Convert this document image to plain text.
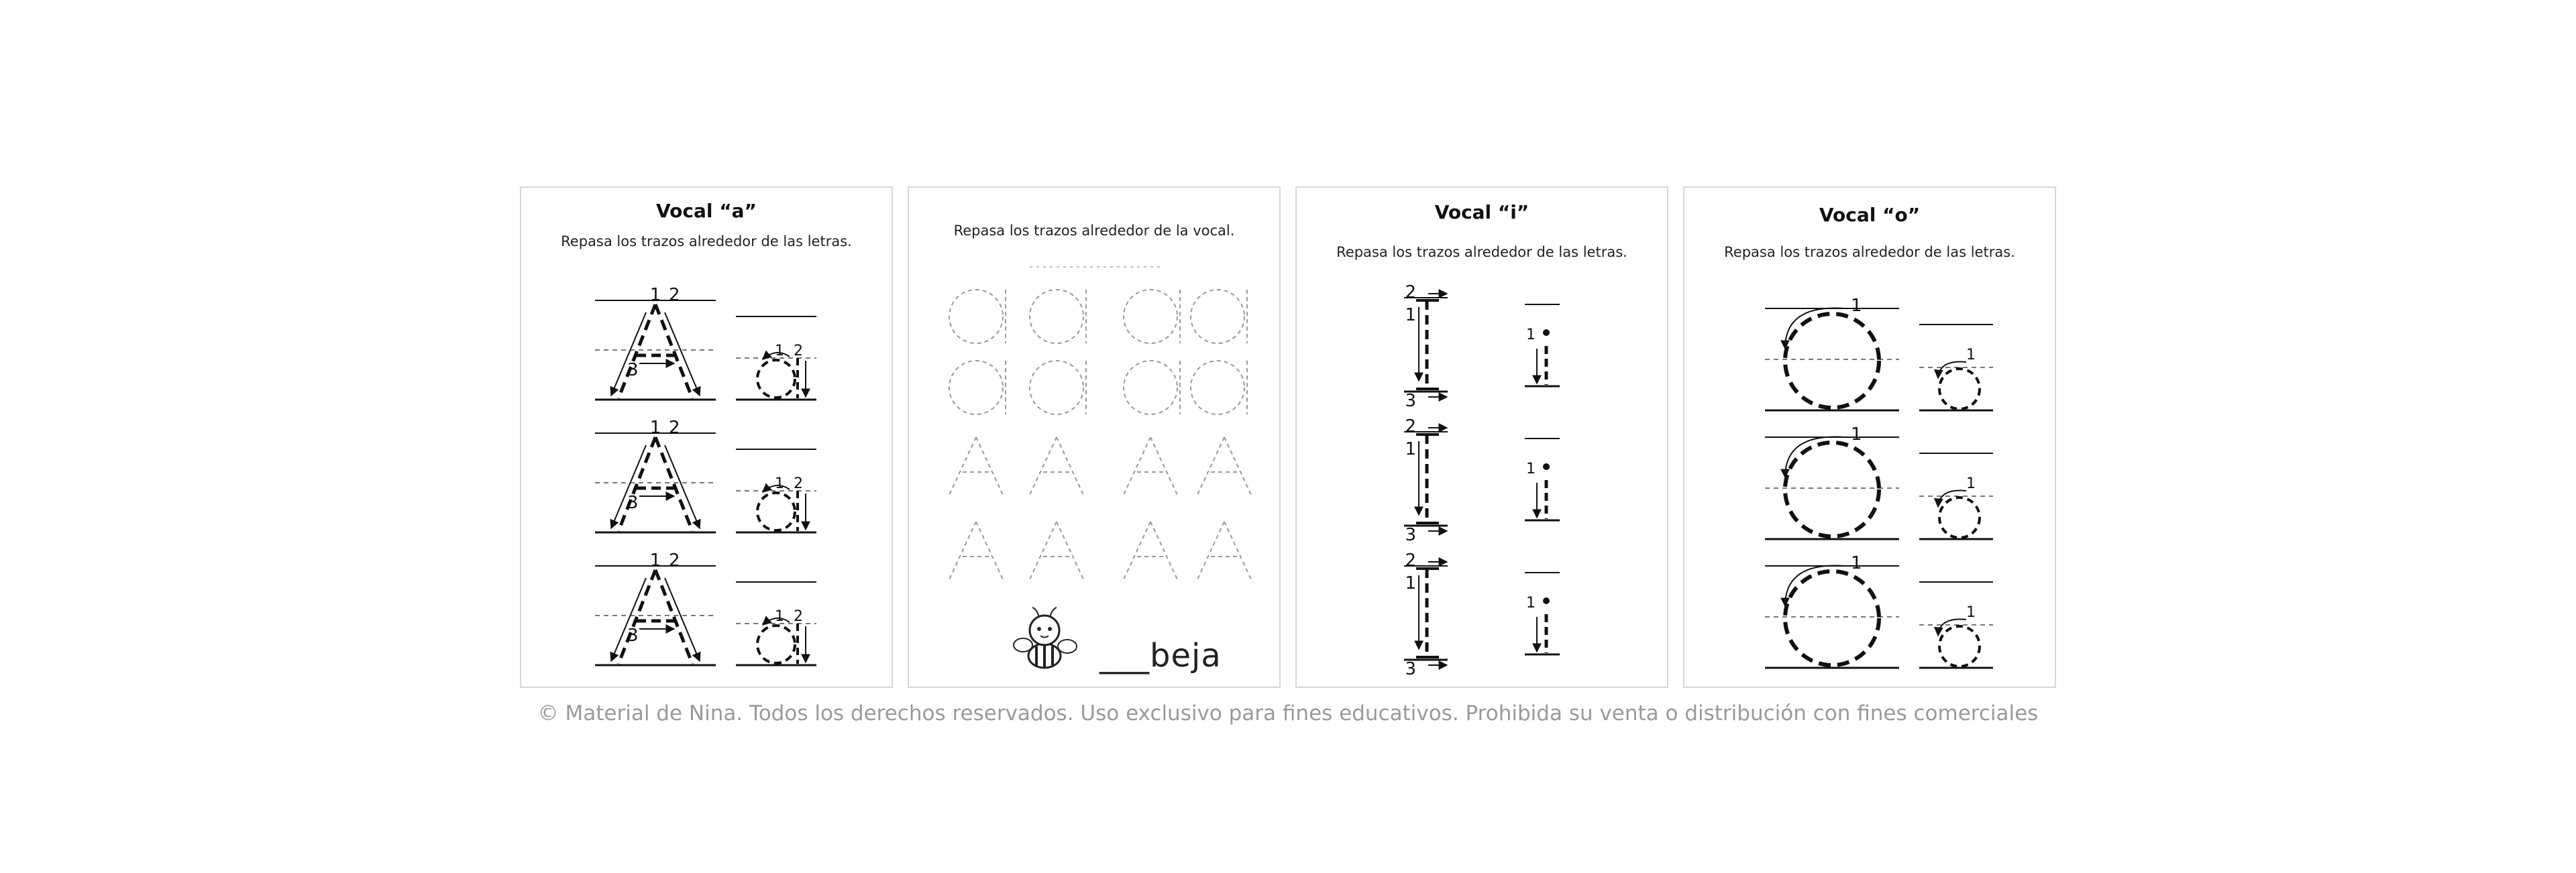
Vocal “a”
Repasa los trazos alrededor de las letras.
1 2
3
1 2
1 2
3
1 2
1 2
3
1 2
Repasa los trazos alrededor de la vocal.
___beja
Vocal “i”
Repasa los trazos alrededor de las letras.
2
1
3
1
2
1
3
1
2
1
3
1
Vocal “o”
Repasa los trazos alrededor de las letras.
1
1
1
1
1
1
© Material de Nina. Todos los derechos reservados. Uso exclusivo para fines educativos. Prohibida su venta o distribución con fines comerciales
